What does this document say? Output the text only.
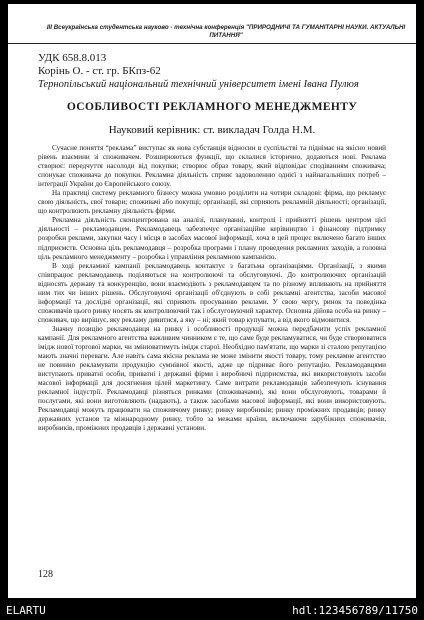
ІІІ Всеукраїнська студентська науково - технічна конференція "ПРИРОДНИЧІ ТА ГУМАНІТАРНІ НАУКИ. АКТУАЛЬНІ ПИТАННЯ"
УДК 658.8.013
Корінь О. - ст. гр. БКпз-62
Тернопільський національний технічний університет імені Івана Пулюя
ОСОБЛИВОСТІ РЕКЛАМНОГО МЕНЕДЖМЕНТУ
Науковий керівник: ст. викладач Голда Н.М.

Сучасне поняття “реклама” виступає як нова субстанція відносин в суспільстві та піднімає на якісно новий рівень взаємини зі споживачем. Розширюються функції, що склалися історично, додаються нові. Реклама створює: передчуття насолоди від покупки; створює образ товару, який відповідає сподіванням споживача; спонукає споживача до покупки. Рекламна діяльність сприяє задоволенню однієї з найнагальніших потреб – інтеграції України до Європейського союзу.

На практиці систему рекламного бізнесу можна умовно розділити на чотири складові: фірма, що рекламує свою діяльність, свої товари; споживачі або покупці; організації, які сприяють рекламній діяльності; організації, що контролюють рекламну діяльність фірми.

Рекламна діяльність сконцентрована на аналізі, плануванні, контролі і прийнятті рішень центром цієї діяльності – рекламодавцем. Рекламодавець забезпечує організаційне керівництво і фінансову підтримку розробки реклами, закупки часу і місця в засобах масової інформації, хоча в цей процес включено багато інших підприємств. Основна ціль рекламодавця – розробка програми і плану проведення рекламних заходів, а головна ціль рекламного менеджменту – розробка і управління рекламною кампанією.

В ході рекламної кампанії рекламодавець контактує з багатьма організаціями. Організації, з якими співпрацює рекламодавець поділяються на контролюючі та обслуговуючі. До контролюючих організацій відносять державу та конкуренцію, вони взаємодіють з рекламодавцем та по різному впливають на прийняття ним тих чи інших рішень. Обслуговуючі організації об'єднують в собі рекламні агентства, засоби масової інформації та дослідні організації, які сприяють просуванню реклами. У свою чергу, ринок та поведінка споживачів цього ринку носять як контролюючий так і обслуговуючий характер. Основна дійова особа на ринку – споживач, що вирішує, яку рекламу дивитися, а яку – ні; який товар купувати, а від якого відмовитися.

Значну позицію рекламодавця на ринку і особливості продукції можна передбачити успіх рекламної кампанії. Для рекламного агентства важливим чинником є те, що саме буде рекламуватися, чи буде створюватися імідж нової торгової марки, чи змінюватимуть імідж старої. Необхідно пам'ятати, що марки зі сталою репутацією мають значні переваги. Але навіть сама якісна реклама не може змінити якості товару, тому рекламне агентство не повинно рекламувати продукцію сумнівної якості, адже це підриває його репутацію. Рекламодавцями виступають приватні особи, приватні і державні фірми і виробничі підприємства, які використовують засоби масової інформації для досягнення цілей маркетингу. Саме витрати рекламодавців забезпечують існування рекламної індустрії. Рекламодавці різняться ринками (споживачами), які вони обслуговують, товарами й послугами, які вони виготовляють (надають), а також засобами масової інформації, які вони використовують. Рекламодавці можуть працювати на споживчому ринку; ринку виробників; ринку проміжних продавців; ринку державних установ та міжнародному ринку, тобто за межами країни, включаючи зарубіжних споживачів, виробників, проміжних продавців і державні установи.

128
ELARTU	hdl:123456789/11750
